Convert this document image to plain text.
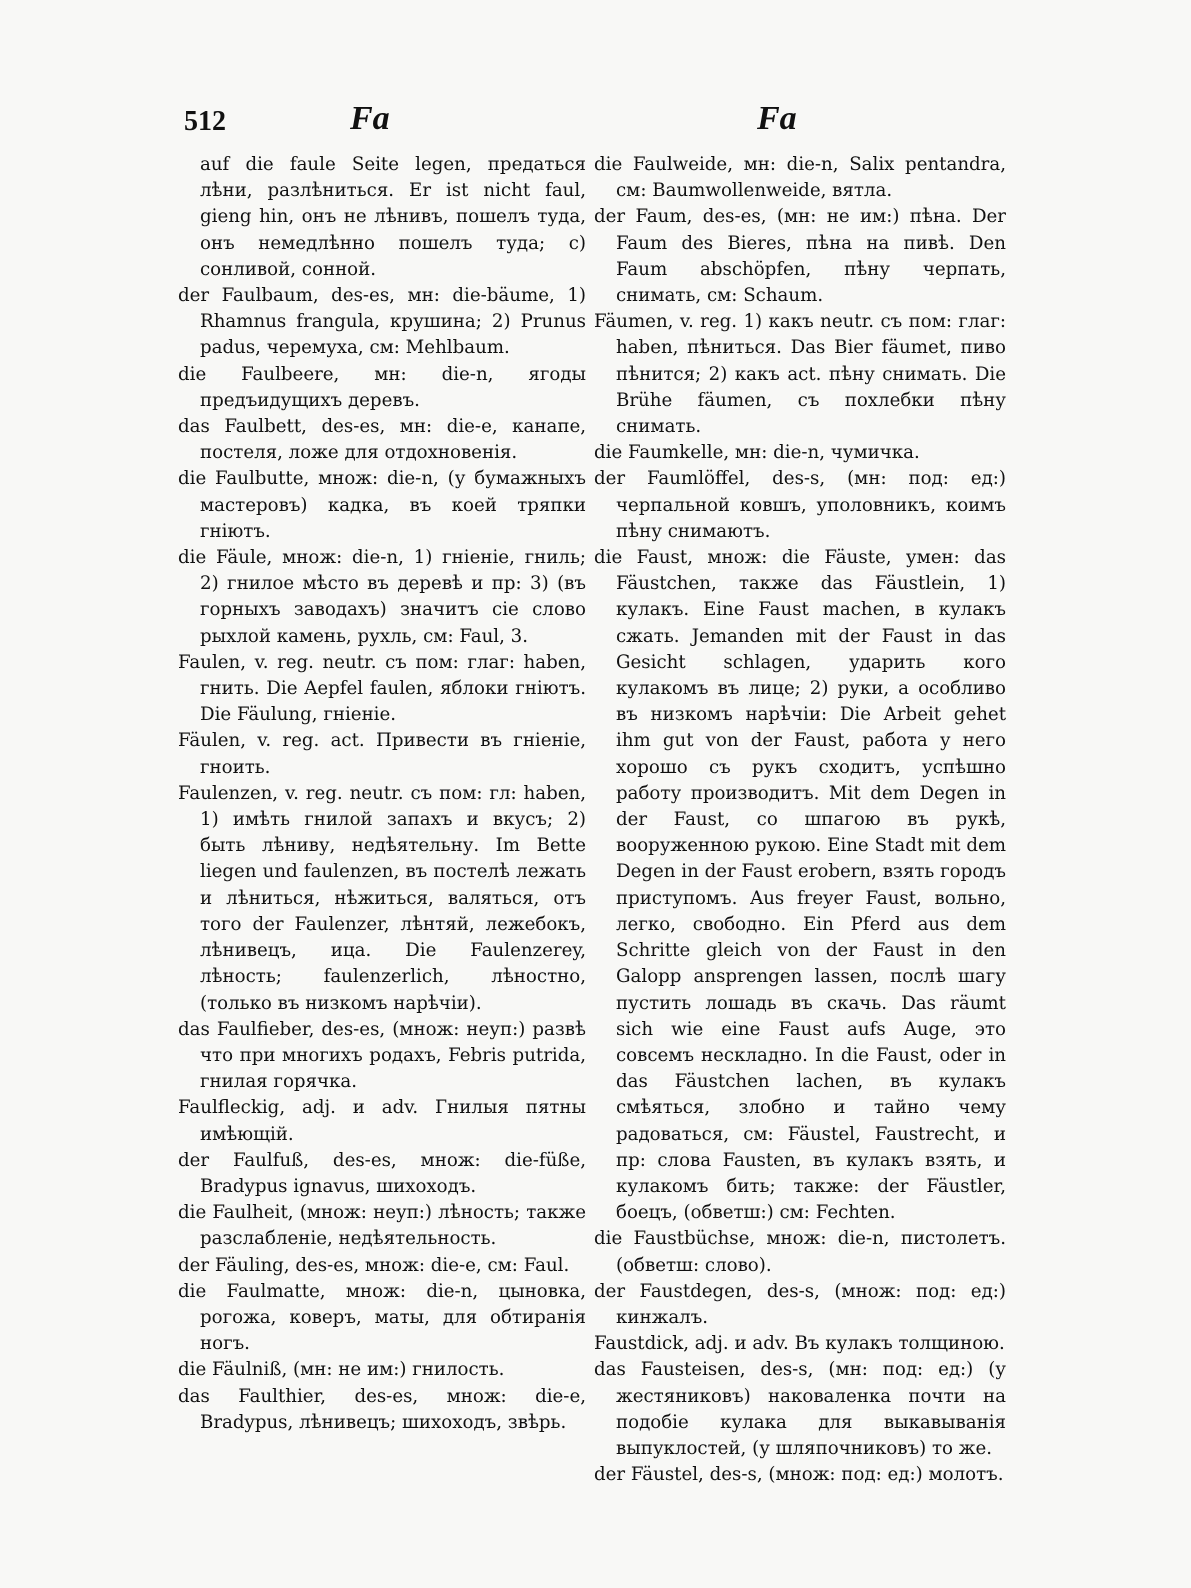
512	Fa	Fa

auf die faule Seite legen, предаться лѣни, разлѣниться. Er ist nicht faul, gieng hin, онъ не лѣнивъ, пошелъ туда, онъ немедлѣнно пошелъ туда; с) сонливой, сонной.

der Faulbaum, des-es, мн: die-bäume, 1) Rhamnus frangula, крушина; 2) Prunus padus, черемуха, см: Mehlbaum.

die Faulbeere, мн: die-n, ягоды предъидущихъ деревъ.

das Faulbett, des-es, мн: die-e, канапе, постеля, ложе для отдохновенія.

die Faulbutte, множ: die-n, (у бумажныхъ мастеровъ) кадка, въ коей тряпки гніютъ.

die Fäule, множ: die-n, 1) гніеніе, гниль; 2) гнилое мѣсто въ деревѣ и пр: 3) (въ горныхъ заводахъ) значитъ сіе слово рыхлой камень, рухль, см: Faul, 3.

Faulen, v. reg. neutr. съ пом: глаг: haben, гнить. Die Aepfel faulen, яблоки гніютъ. Die Fäulung, гніеніе.

Fäulen, v. reg. act. Привести въ гніеніе, гноить.

Faulenzen, v. reg. neutr. съ пом: гл: haben, 1) имѣть гнилой запахъ и вкусъ; 2) быть лѣниву, недѣятельну. Im Bette liegen und faulenzen, въ постелѣ лежать и лѣниться, нѣжиться, валяться, отъ того der Faulenzer, лѣнтяй, лежебокъ, лѣнивецъ, ица. Die Faulenzerey, лѣность; faulenzerlich, лѣностно, (только въ низкомъ нарѣчіи).

das Faulfieber, des-es, (множ: неуп:) развѣ что при многихъ родахъ, Febris putrida, гнилая горячка.

Faulfleckig, adj. и adv. Гнилыя пятны имѣющій.

der Faulfuß, des-es, множ: die-füße, Bradypus ignavus, шихоходъ.

die Faulheit, (множ: неуп:) лѣность; также разслабленіе, недѣятельность.

der Fäuling, des-es, множ: die-e, см: Faul.

die Faulmatte, множ: die-n, цыновка, рогожа, коверъ, маты, для обтиранія ногъ.

die Fäulniß, (мн: не им:) гнилость.

das Faulthier, des-es, множ: die-e, Bradypus, лѣнивецъ; шихоходъ, звѣрь.

die Faulweide, мн: die-n, Salix pentandra, см: Baumwollenweide, вятла.

der Faum, des-es, (мн: не им:) пѣна. Der Faum des Bieres, пѣна на пивѣ. Den Faum abschöpfen, пѣну черпать, снимать, см: Schaum.

Fäumen, v. reg. 1) какъ neutr. съ пом: глаг: haben, пѣниться. Das Bier fäumet, пиво пѣнится; 2) какъ act. пѣну снимать. Die Brühe fäumen, съ похлебки пѣну снимать.

die Faumkelle, мн: die-n, чумичка.

der Faumlöffel, des-s, (мн: под: ед:) черпальной ковшъ, уполовникъ, коимъ пѣну снимаютъ.

die Faust, множ: die Fäuste, умен: das Fäustchen, также das Fäustlein, 1) кулакъ. Eine Faust machen, в кулакъ сжать. Jemanden mit der Faust in das Gesicht schlagen, ударить кого кулакомъ въ лице; 2) руки, а особливо въ низкомъ нарѣчіи: Die Arbeit gehet ihm gut von der Faust, работа у него хорошо съ рукъ сходитъ, успѣшно работу производитъ. Mit dem Degen in der Faust, со шпагою въ рукѣ, вооруженною рукою. Eine Stadt mit dem Degen in der Faust erobern, взять городъ приступомъ. Aus freyer Faust, вольно, легко, свободно. Ein Pferd aus dem Schritte gleich von der Faust in den Galopp ansprengen lassen, послѣ шагу пустить лошадь въ скачь. Das räumt sich wie eine Faust aufs Auge, это совсемъ нескладно. In die Faust, oder in das Fäustchen lachen, въ кулакъ смѣяться, злобно и тайно чему радоваться, см: Fäustel, Faustrecht, и пр: слова Fausten, въ кулакъ взять, и кулакомъ бить; также: der Fäustler, боецъ, (обветш:) см: Fechten.

die Faustbüchse, множ: die-n, пистолетъ. (обветш: слово).

der Faustdegen, des-s, (множ: под: ед:) кинжалъ.

Faustdick, adj. и adv. Въ кулакъ толщиною.

das Fausteisen, des-s, (мн: под: ед:) (у жестяниковъ) наковаленка почти на подобіе кулака для выкавыванія выпуклостей, (у шляпочниковъ) то же.

der Fäustel, des-s, (множ: под: ед:) молотъ.
